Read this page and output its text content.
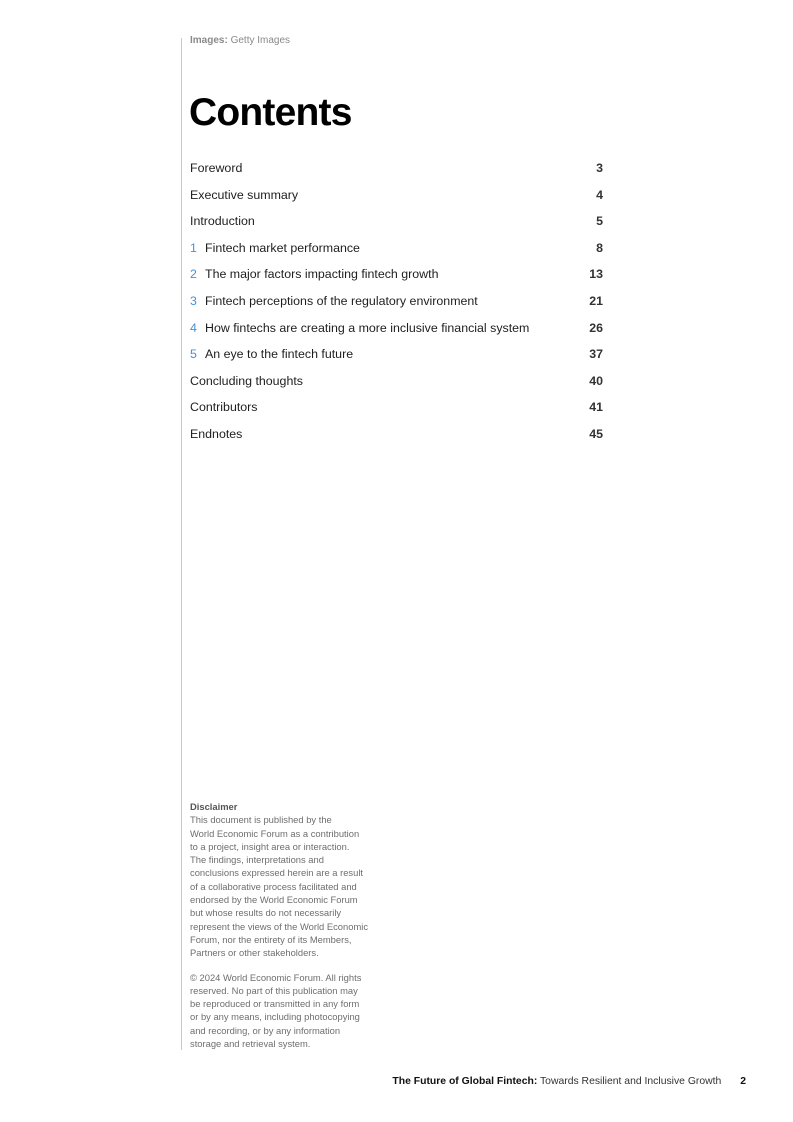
Images: Getty Images
Contents
Foreword	3
Executive summary	4
Introduction	5
1 Fintech market performance	8
2 The major factors impacting fintech growth	13
3 Fintech perceptions of the regulatory environment	21
4 How fintechs are creating a more inclusive financial system	26
5 An eye to the fintech future	37
Concluding thoughts	40
Contributors	41
Endnotes	45
Disclaimer
This document is published by the
World Economic Forum as a contribution
to a project, insight area or interaction.
The findings, interpretations and
conclusions expressed herein are a result
of a collaborative process facilitated and
endorsed by the World Economic Forum
but whose results do not necessarily
represent the views of the World Economic
Forum, nor the entirety of its Members,
Partners or other stakeholders.
© 2024 World Economic Forum. All rights
reserved. No part of this publication may
be reproduced or transmitted in any form
or by any means, including photocopying
and recording, or by any information
storage and retrieval system.
The Future of Global Fintech: Towards Resilient and Inclusive Growth 2
